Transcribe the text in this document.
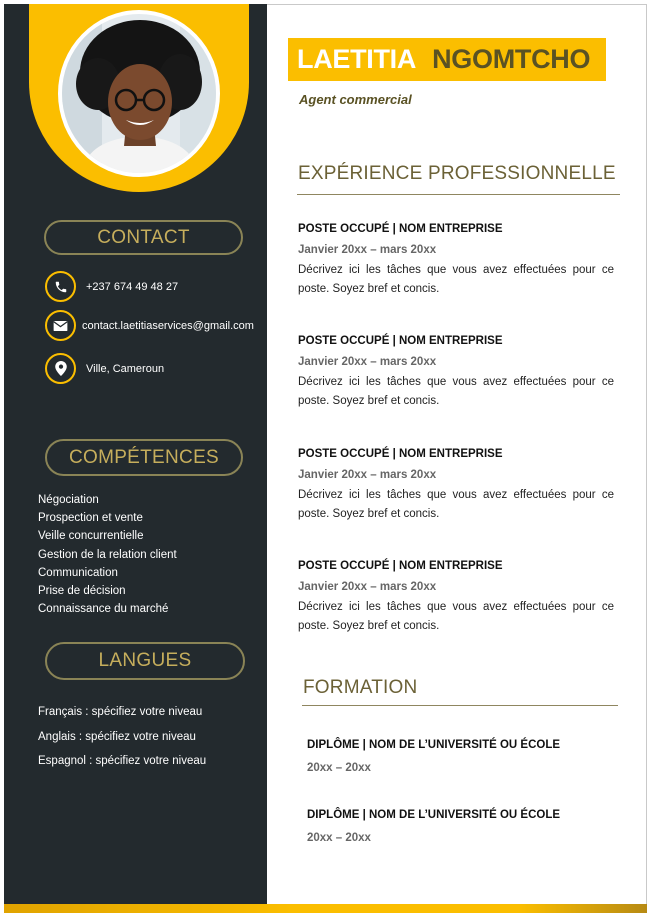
CONTACT
+237 674 49 48 27
contact.laetitiaservices@gmail.com
Ville, Cameroun
COMPÉTENCES
Négociation
Prospection et vente
Veille concurrentielle
Gestion de la relation client
Communication
Prise de décision
Connaissance du marché
LANGUES
Français : spécifiez votre niveau
Anglais : spécifiez votre niveau
Espagnol : spécifiez votre niveau
LAETITIA NGOMTCHO
Agent commercial
EXPÉRIENCE PROFESSIONNELLE
POSTE OCCUPÉ | NOM ENTREPRISE
Janvier 20xx – mars 20xx
Décrivez ici les tâches que vous avez effectuées pour ce poste. Soyez bref et concis.
POSTE OCCUPÉ | NOM ENTREPRISE
Janvier 20xx – mars 20xx
Décrivez ici les tâches que vous avez effectuées pour ce poste. Soyez bref et concis.
POSTE OCCUPÉ | NOM ENTREPRISE
Janvier 20xx – mars 20xx
Décrivez ici les tâches que vous avez effectuées pour ce poste. Soyez bref et concis.
POSTE OCCUPÉ | NOM ENTREPRISE
Janvier 20xx – mars 20xx
Décrivez ici les tâches que vous avez effectuées pour ce poste. Soyez bref et concis.
FORMATION
DIPLÔME | NOM DE L’UNIVERSITÉ OU ÉCOLE
20xx – 20xx
DIPLÔME | NOM DE L’UNIVERSITÉ OU ÉCOLE
20xx – 20xx
